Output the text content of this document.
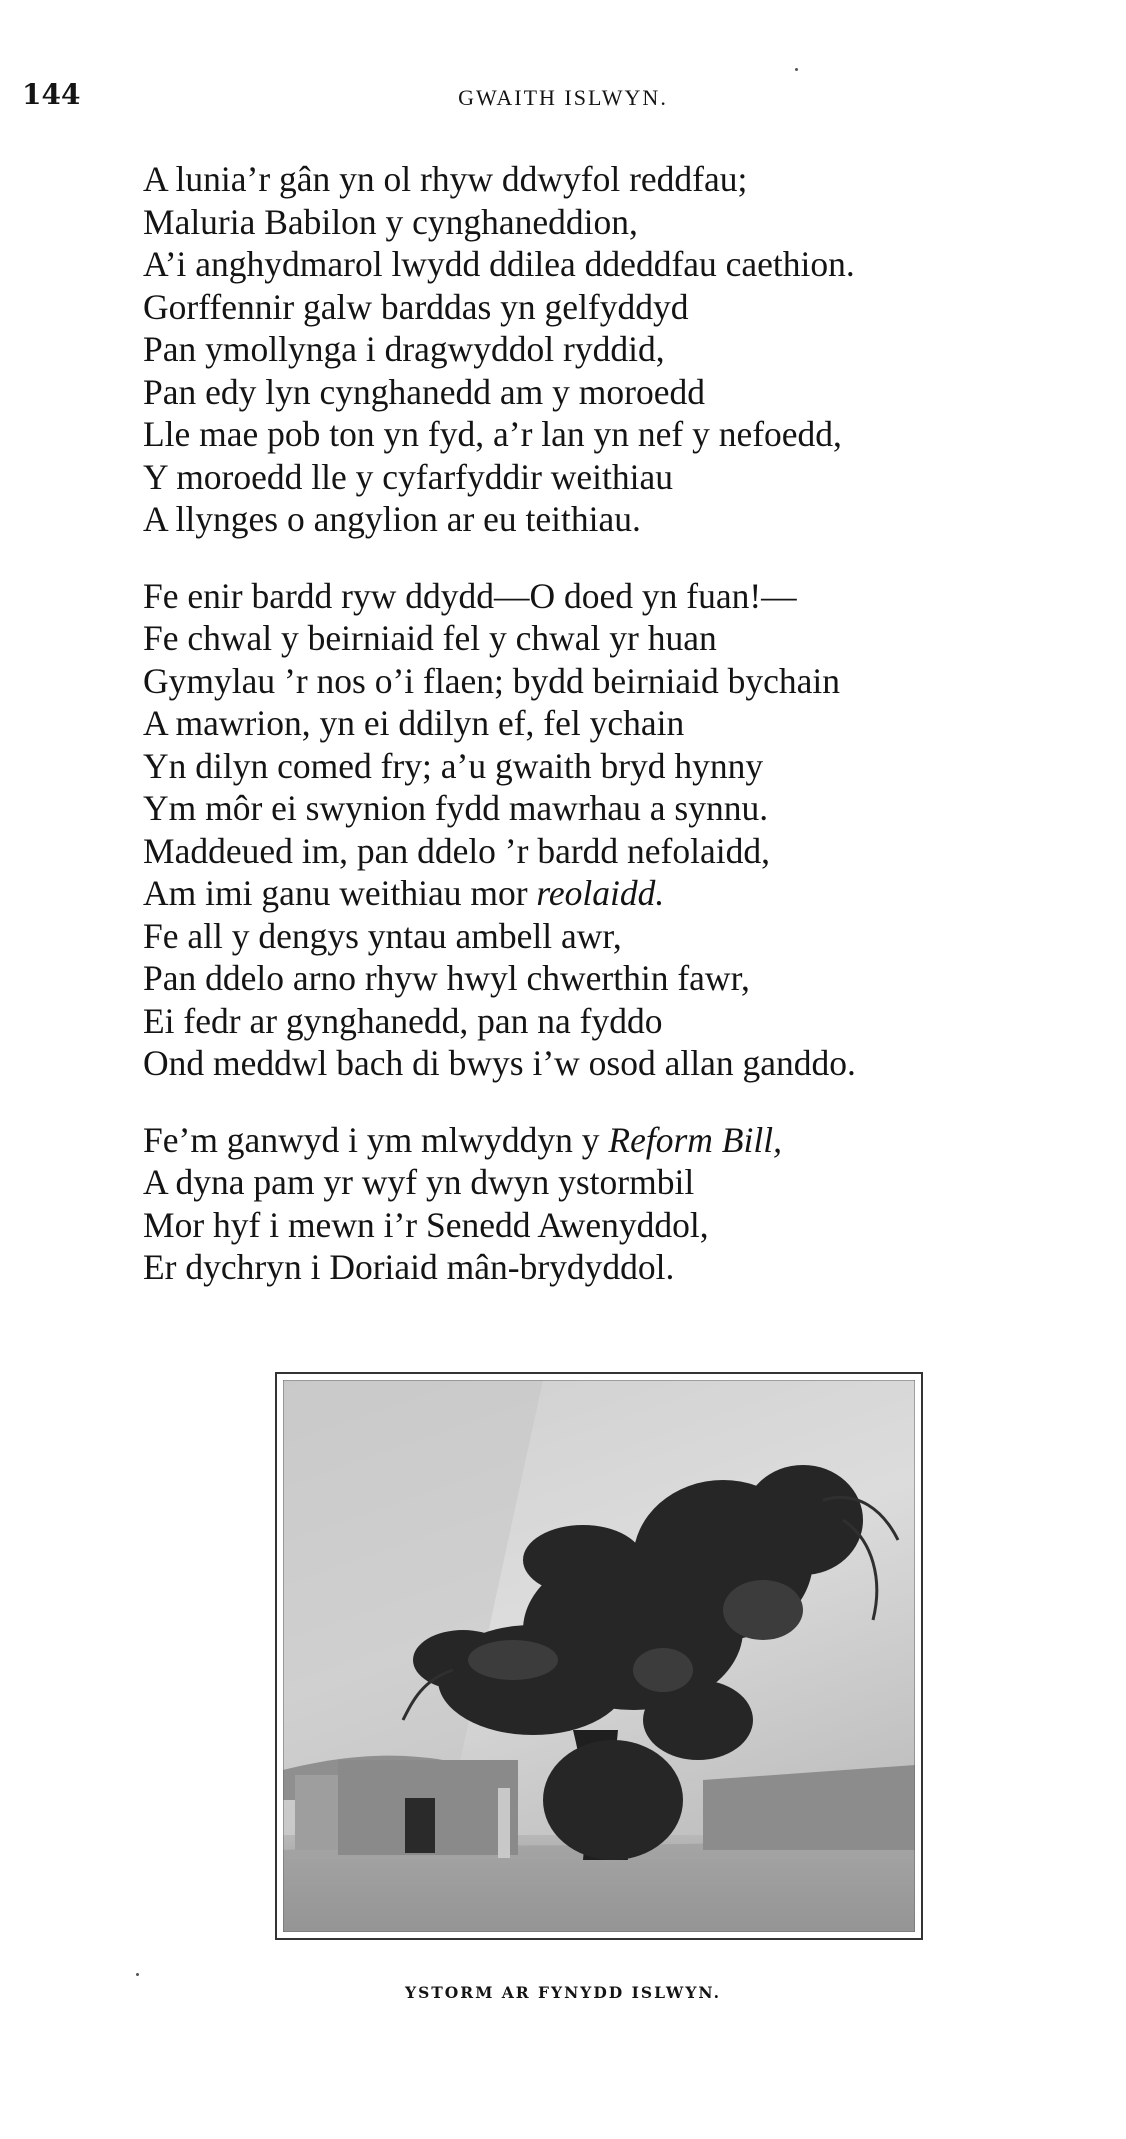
144	GWAITH ISLWYN.
A lunia’r gân yn ol rhyw ddwyfol reddfau;
Maluria Babilon y cynghaneddion,
A’i anghydmarol lwydd ddilea ddeddfau caethion.
Gorffennir galw barddas yn gelfyddyd
Pan ymollynga i dragwyddol ryddid,
Pan edy lyn cynghanedd am y moroedd
Lle mae pob ton yn fyd, a’r lan yn nef y nefoedd,
Y moroedd lle y cyfarfyddir weithiau
A llynges o angylion ar eu teithiau.
Fe enir bardd ryw ddydd—O doed yn fuan!—
Fe chwal y beirniaid fel y chwal yr huan
Gymylau ’r nos o’i flaen; bydd beirniaid bychain
A mawrion, yn ei ddilyn ef, fel ychain
Yn dilyn comed fry; a’u gwaith bryd hynny
Ym môr ei swynion fydd mawrhau a synnu.
Maddeued im, pan ddelo ’r bardd nefolaidd,
Am imi ganu weithiau mor reolaidd.
Fe all y dengys yntau ambell awr,
Pan ddelo arno rhyw hwyl chwerthin fawr,
Ei fedr ar gynghanedd, pan na fyddo
Ond meddwl bach di bwys i’w osod allan ganddo.
Fe’m ganwyd i ym mlwyddyn y Reform Bill,
A dyna pam yr wyf yn dwyn ystormbil
Mor hyf i mewn i’r Senedd Awenyddol,
Er dychryn i Doriaid mân-brydyddol.
YSTORM AR FYNYDD ISLWYN.
